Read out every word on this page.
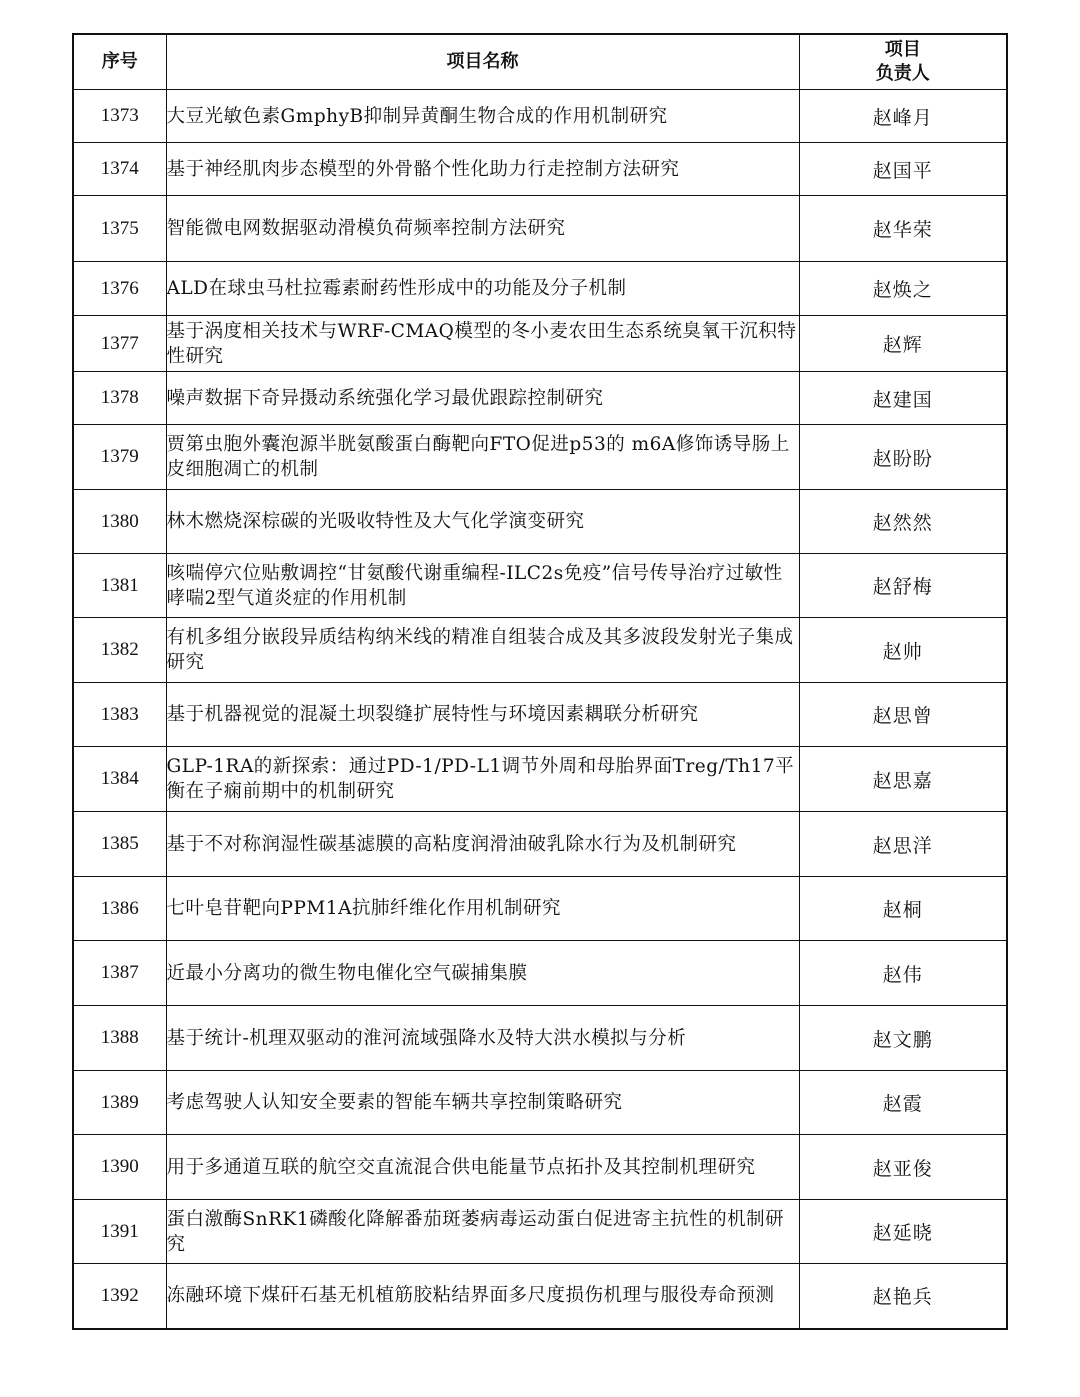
序号	项目名称	项目
负责人

1373	大豆光敏色素GmphyB抑制异黄酮生物合成的作用机制研究	赵峰月
1374	基于神经肌肉步态模型的外骨骼个性化助力行走控制方法研究	赵国平
1375	智能微电网数据驱动滑模负荷频率控制方法研究	赵华荣
1376	ALD在球虫马杜拉霉素耐药性形成中的功能及分子机制	赵焕之
1377	基于涡度相关技术与WRF-CMAQ模型的冬小麦农田生态系统臭氧干沉积特性研究	赵辉
1378	噪声数据下奇异摄动系统强化学习最优跟踪控制研究	赵建国
1379	贾第虫胞外囊泡源半胱氨酸蛋白酶靶向FTO促进p53的 m6A修饰诱导肠上皮细胞凋亡的机制	赵盼盼
1380	林木燃烧深棕碳的光吸收特性及大气化学演变研究	赵然然
1381	咳喘停穴位贴敷调控“甘氨酸代谢重编程-ILC2s免疫”信号传导治疗过敏性哮喘2型气道炎症的作用机制	赵舒梅
1382	有机多组分嵌段异质结构纳米线的精准自组装合成及其多波段发射光子集成研究	赵帅
1383	基于机器视觉的混凝土坝裂缝扩展特性与环境因素耦联分析研究	赵思曾
1384	GLP-1RA的新探索：通过PD-1/PD-L1调节外周和母胎界面Treg/Th17平衡在子痫前期中的机制研究	赵思嘉
1385	基于不对称润湿性碳基滤膜的高粘度润滑油破乳除水行为及机制研究	赵思洋
1386	七叶皂苷靶向PPM1A抗肺纤维化作用机制研究	赵桐
1387	近最小分离功的微生物电催化空气碳捕集膜	赵伟
1388	基于统计-机理双驱动的淮河流域强降水及特大洪水模拟与分析	赵文鹏
1389	考虑驾驶人认知安全要素的智能车辆共享控制策略研究	赵霞
1390	用于多通道互联的航空交直流混合供电能量节点拓扑及其控制机理研究	赵亚俊
1391	蛋白激酶SnRK1磷酸化降解番茄斑萎病毒运动蛋白促进寄主抗性的机制研究	赵延晓
1392	冻融环境下煤矸石基无机植筋胶粘结界面多尺度损伤机理与服役寿命预测	赵艳兵
